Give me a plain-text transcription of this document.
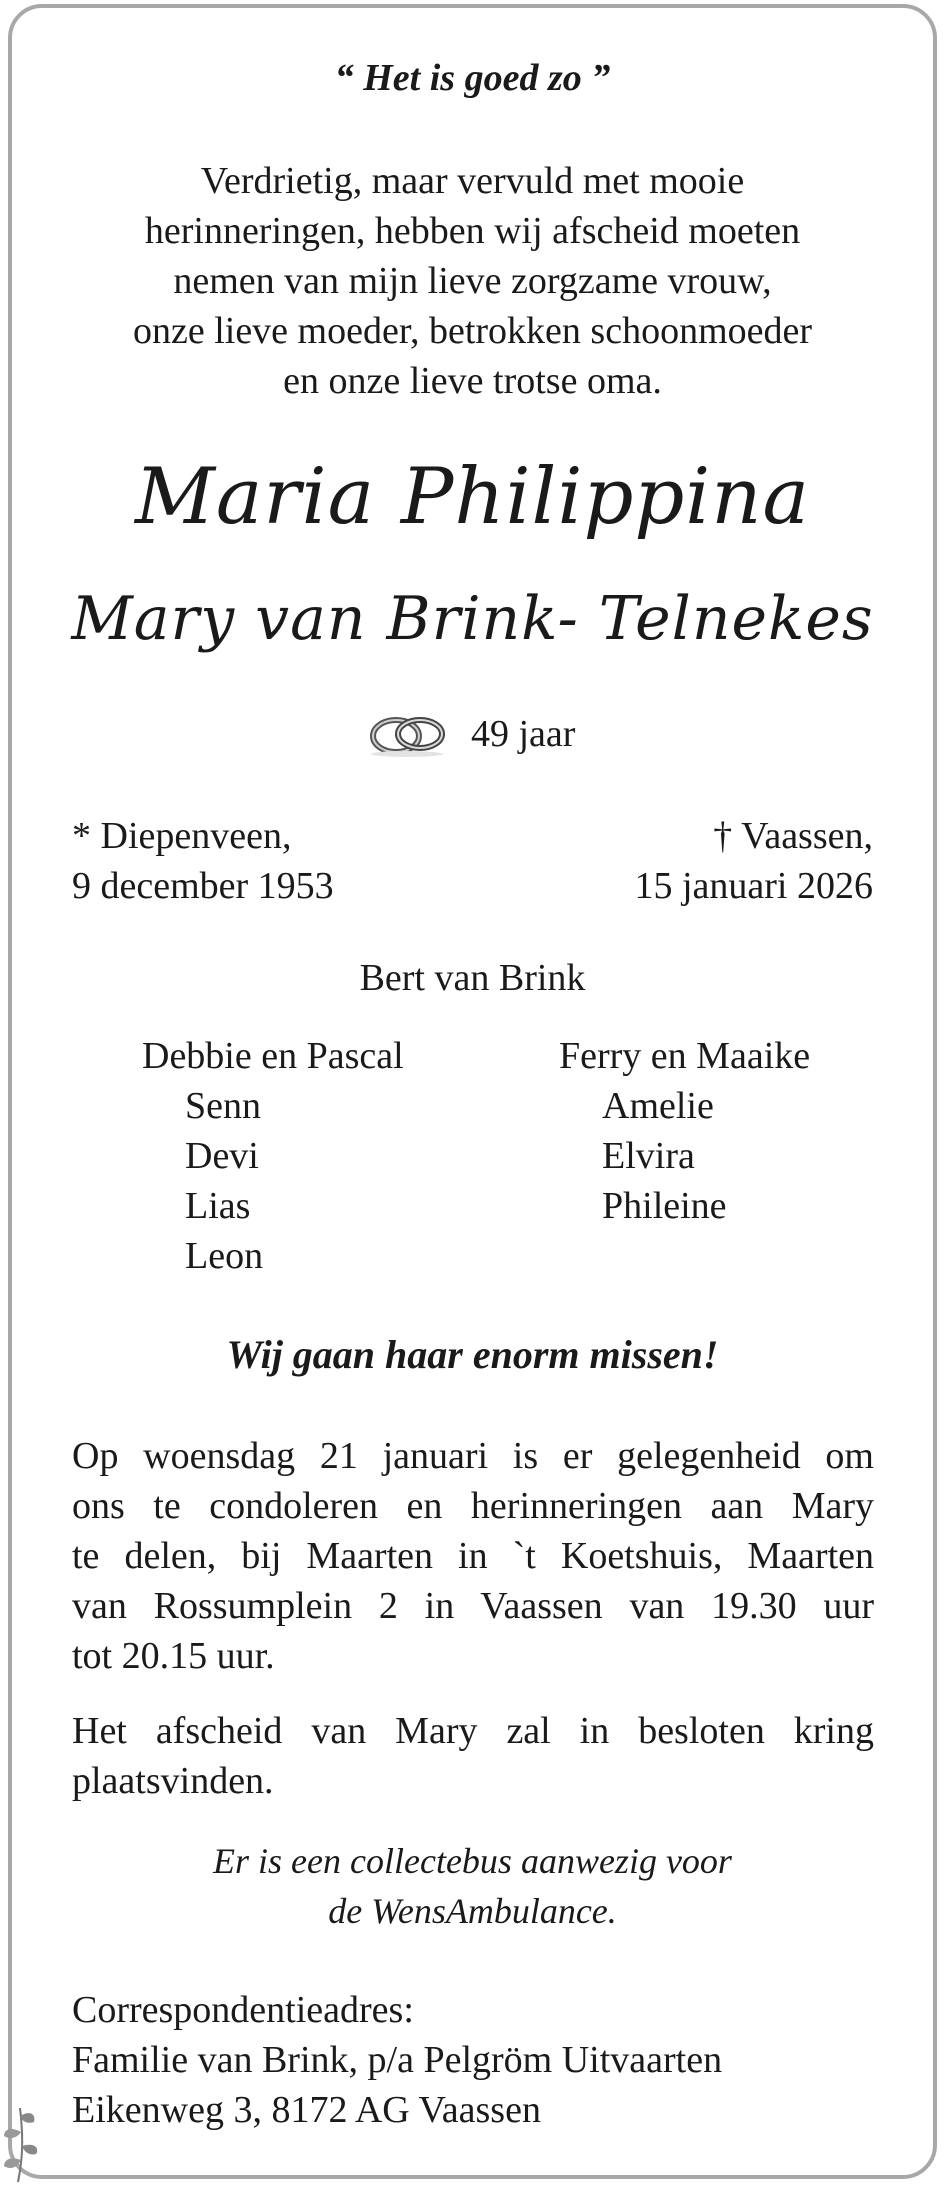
“ Het is goed zo ”

Verdrietig, maar vervuld met mooie
herinneringen, hebben wij afscheid moeten
nemen van mijn lieve zorgzame vrouw,
onze lieve moeder, betrokken schoonmoeder
en onze lieve trotse oma.

Maria Philippina

Mary van Brink- Telnekes

49 jaar

* Diepenveen,
9 december 1953

† Vaassen,
15 januari 2026

Bert van Brink

Debbie en Pascal
Senn
Devi
Lias
Leon
Ferry en Maaike
Amelie
Elvira
Phileine

Wij gaan haar enorm missen!

Op woensdag 21 januari is er gelegenheid om
ons te condoleren en herinneringen aan Mary
te delen, bij Maarten in `t Koetshuis, Maarten
van Rossumplein 2 in Vaassen van 19.30 uur
tot 20.15 uur.
Het afscheid van Mary zal in besloten kring
plaatsvinden.

Er is een collectebus aanwezig voor
de WensAmbulance.

Correspondentieadres:
Familie van Brink, p/a Pelgröm Uitvaarten
Eikenweg 3, 8172 AG Vaassen
